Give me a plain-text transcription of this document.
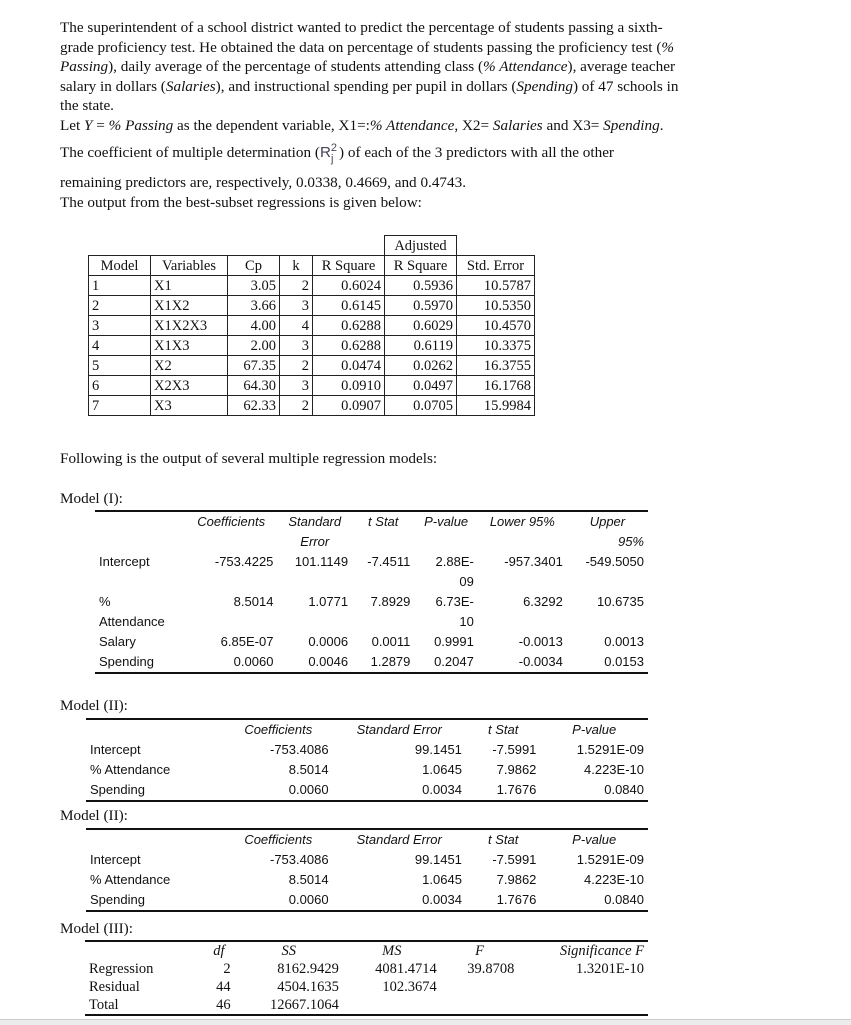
The superintendent of a school district wanted to predict the percentage of students passing a sixth-grade proficiency test. He obtained the data on percentage of students passing the proficiency test (% Passing), daily average of the percentage of students attending class (% Attendance), average teacher salary in dollars (Salaries), and instructional spending per pupil in dollars (Spending) of 47 schools in the state.
Let Y = % Passing as the dependent variable, X1=:% Attendance, X2= Salaries and X3= Spending.
The coefficient of multiple determination ($R^2$
j ) of each of the 3 predictors with all the other
remaining predictors are, respectively, 0.0338, 0.4669, and 0.4743.
The output from the best-subset regressions is given below:
					Adjusted	
Model	Variables	Cp	k	R Square	R Square	Std. Error
1	X1	3.05	2	0.6024	0.5936	10.5787
2	X1X2	3.66	3	0.6145	0.5970	10.5350
3	X1X2X3	4.00	4	0.6288	0.6029	10.4570
4	X1X3	2.00	3	0.6288	0.6119	10.3375
5	X2	67.35	2	0.0474	0.0262	16.3755
6	X2X3	64.30	3	0.0910	0.0497	16.1768
7	X3	62.33	2	0.0907	0.0705	15.9984
Following is the output of several multiple regression models:
Model (I):
	Coefficients	Standard	t Stat	P-value	Lower 95%	Upper
		Error				95%
Intercept	-753.4225	101.1149	-7.4511	2.88E-	-957.3401	-549.5050
				09		
%	8.5014	1.0771	7.8929	6.73E-	6.3292	10.6735
Attendance				10		
Salary	6.85E-07	0.0006	0.0011	0.9991	-0.0013	0.0013
Spending	0.0060	0.0046	1.2879	0.2047	-0.0034	0.0153
Model (II):
	Coefficients	Standard Error	t Stat	P-value
Intercept	-753.4086	99.1451	-7.5991	1.5291E-09
% Attendance	8.5014	1.0645	7.9862	4.223E-10
Spending	0.0060	0.0034	1.7676	0.0840
Model (II):
	Coefficients	Standard Error	t Stat	P-value
Intercept	-753.4086	99.1451	-7.5991	1.5291E-09
% Attendance	8.5014	1.0645	7.9862	4.223E-10
Spending	0.0060	0.0034	1.7676	0.0840
Model (III):
	df	SS	MS	F	Significance F
Regression	2	8162.9429	4081.4714	39.8708	1.3201E-10
Residual	44	4504.1635	102.3674		
Total	46	12667.1064			
